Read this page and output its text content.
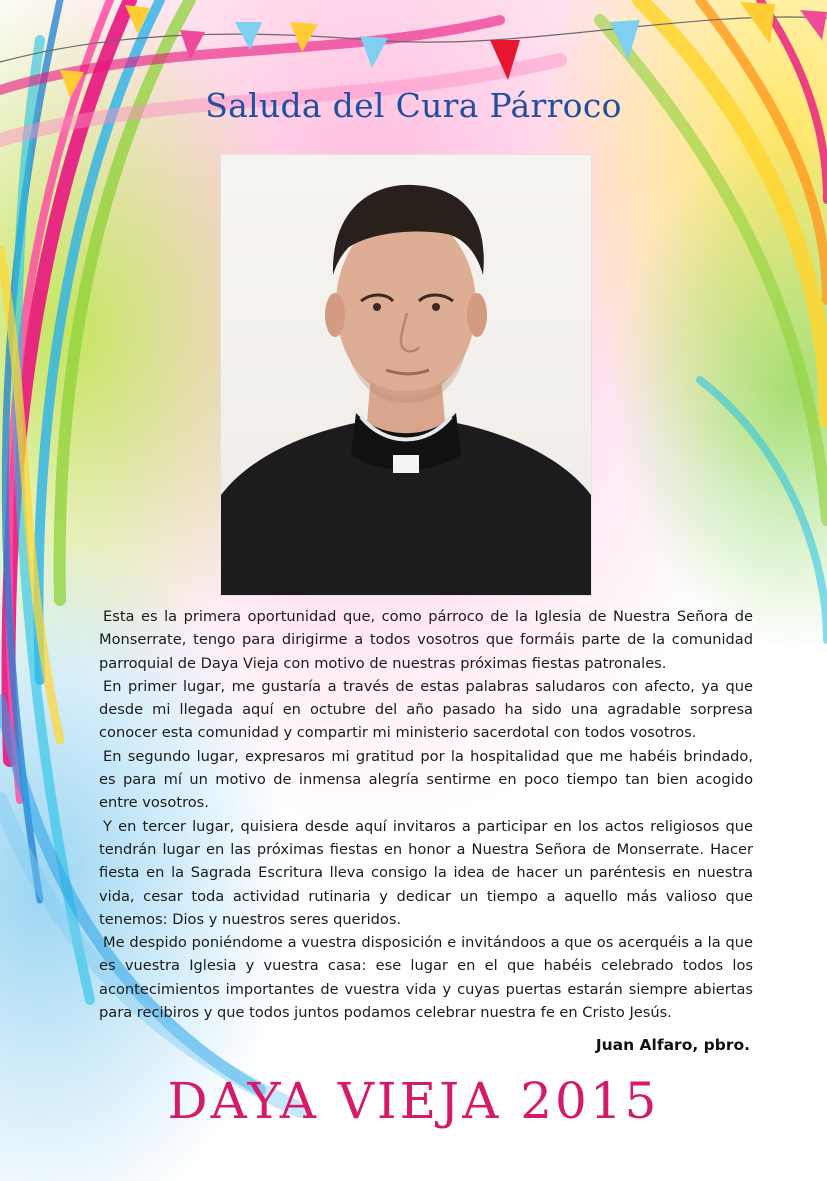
Saluda del Cura Párroco

Esta es la primera oportunidad que, como párroco de la Iglesia de Nuestra Señora de Monserrate, tengo para dirigirme a todos vosotros que formáis parte de la comunidad parroquial de Daya Vieja con motivo de nuestras próximas fiestas patronales.

En primer lugar, me gustaría a través de estas palabras saludaros con afecto, ya que desde mi llegada aquí en octubre del año pasado ha sido una agradable sorpresa conocer esta comunidad y compartir mi ministerio sacerdotal con todos vosotros.

En segundo lugar, expresaros mi gratitud por la hospitalidad que me habéis brindado, es para mí un motivo de inmensa alegría sentirme en poco tiempo tan bien acogido entre vosotros.

Y en tercer lugar, quisiera desde aquí invitaros a participar en los actos religiosos que tendrán lugar en las próximas fiestas en honor a Nuestra Señora de Monserrate. Hacer fiesta en la Sagrada Escritura lleva consigo la idea de hacer un paréntesis en nuestra vida, cesar toda actividad rutinaria y dedicar un tiempo a aquello más valioso que tenemos: Dios y nuestros seres queridos.

Me despido poniéndome a vuestra disposición e invitándoos a que os acerquéis a la que es vuestra Iglesia y vuestra casa: ese lugar en el que habéis celebrado todos los acontecimientos importantes de vuestra vida y cuyas puertas estarán siempre abiertas para recibiros y que todos juntos podamos celebrar nuestra fe en Cristo Jesús.

Juan Alfaro, pbro.
DAYA VIEJA 2015
